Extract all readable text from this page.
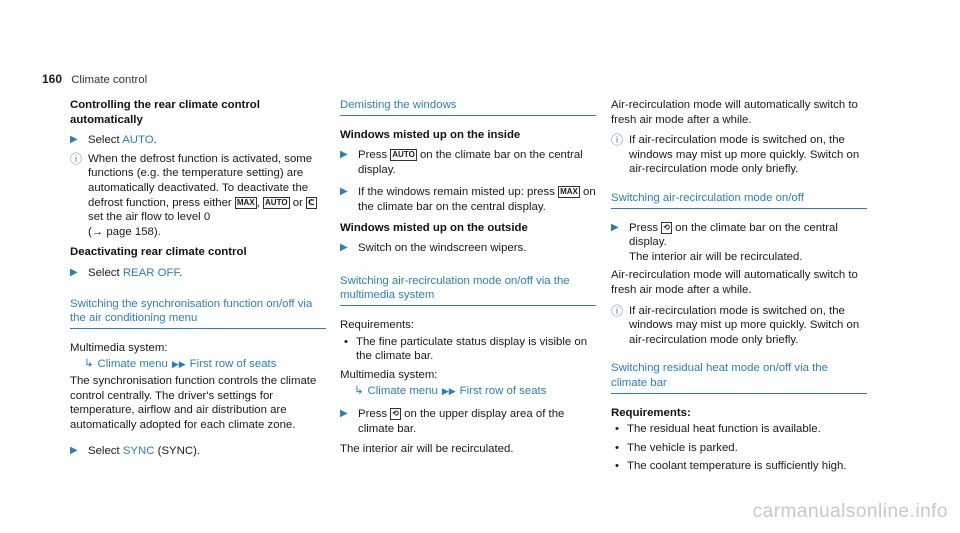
160 Climate control
Controlling the rear climate control automatically
▶ Select AUTO.
ⓘ When the defrost function is activated, some functions (e.g. the temperature setting) are automatically deactivated. To deactivate the defrost function, press either MAX , AUTO or ᕦ set the air flow to level 0
(→ page 158).
Deactivating rear climate control
▶ Select REAR OFF.
Switching the synchronisation function on/off via the air conditioning menu
Multimedia system:
↳ Climate menu ▶▶ First row of seats
The synchronisation function controls the climate control centrally. The driver's settings for temperature, airflow and air distribution are automatically adopted for each climate zone.
▶ Select SYNC (SYNC).
Demisting the windows
Windows misted up on the inside
▶ Press AUTO on the climate bar on the central display.
▶ If the windows remain misted up: press MAX on the climate bar on the central display.
Windows misted up on the outside
▶ Switch on the windscreen wipers.
Switching air-recirculation mode on/off via the multimedia system
Requirements:
• The fine particulate status display is visible on the climate bar.
Multimedia system:
↳ Climate menu ▶▶ First row of seats
▶ Press ⟲ on the upper display area of the climate bar.
The interior air will be recirculated.
Air-recirculation mode will automatically switch to fresh air mode after a while.
ⓘ If air-recirculation mode is switched on, the windows may mist up more quickly. Switch on air-recirculation mode only briefly.
Switching air-recirculation mode on/off
▶ Press ⟲ on the climate bar on the central display.
The interior air will be recirculated.
Air-recirculation mode will automatically switch to fresh air mode after a while.
ⓘ If air-recirculation mode is switched on, the windows may mist up more quickly. Switch on air-recirculation mode only briefly.
Switching residual heat mode on/off via the climate bar
Requirements:
• The residual heat function is available.
• The vehicle is parked.
• The coolant temperature is sufficiently high.
carmanualsonline.info
